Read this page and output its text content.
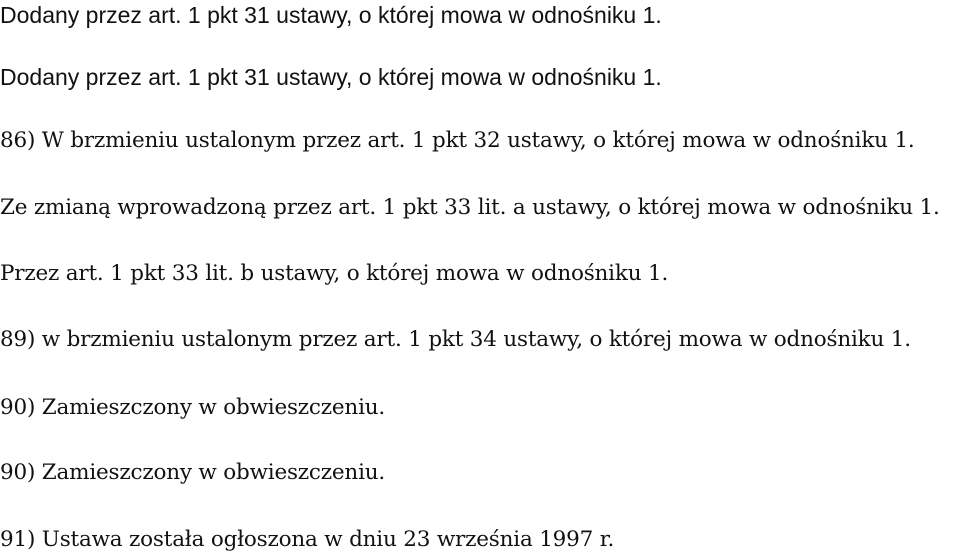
Dodany przez art. 1 pkt 31 ustawy, o której mowa w odnośniku 1.
Dodany przez art. 1 pkt 31 ustawy, o której mowa w odnośniku 1.
86) W brzmieniu ustalonym przez art. 1 pkt 32 ustawy, o której mowa w odnośniku 1.
Ze zmianą wprowadzoną przez art. 1 pkt 33 lit. a ustawy, o której mowa w odnośniku 1.
Przez art. 1 pkt 33 lit. b ustawy, o której mowa w odnośniku 1.
89) w brzmieniu ustalonym przez art. 1 pkt 34 ustawy, o której mowa w odnośniku 1.
90) Zamieszczony w obwieszczeniu.
90) Zamieszczony w obwieszczeniu.
91) Ustawa została ogłoszona w dniu 23 września 1997 r.
